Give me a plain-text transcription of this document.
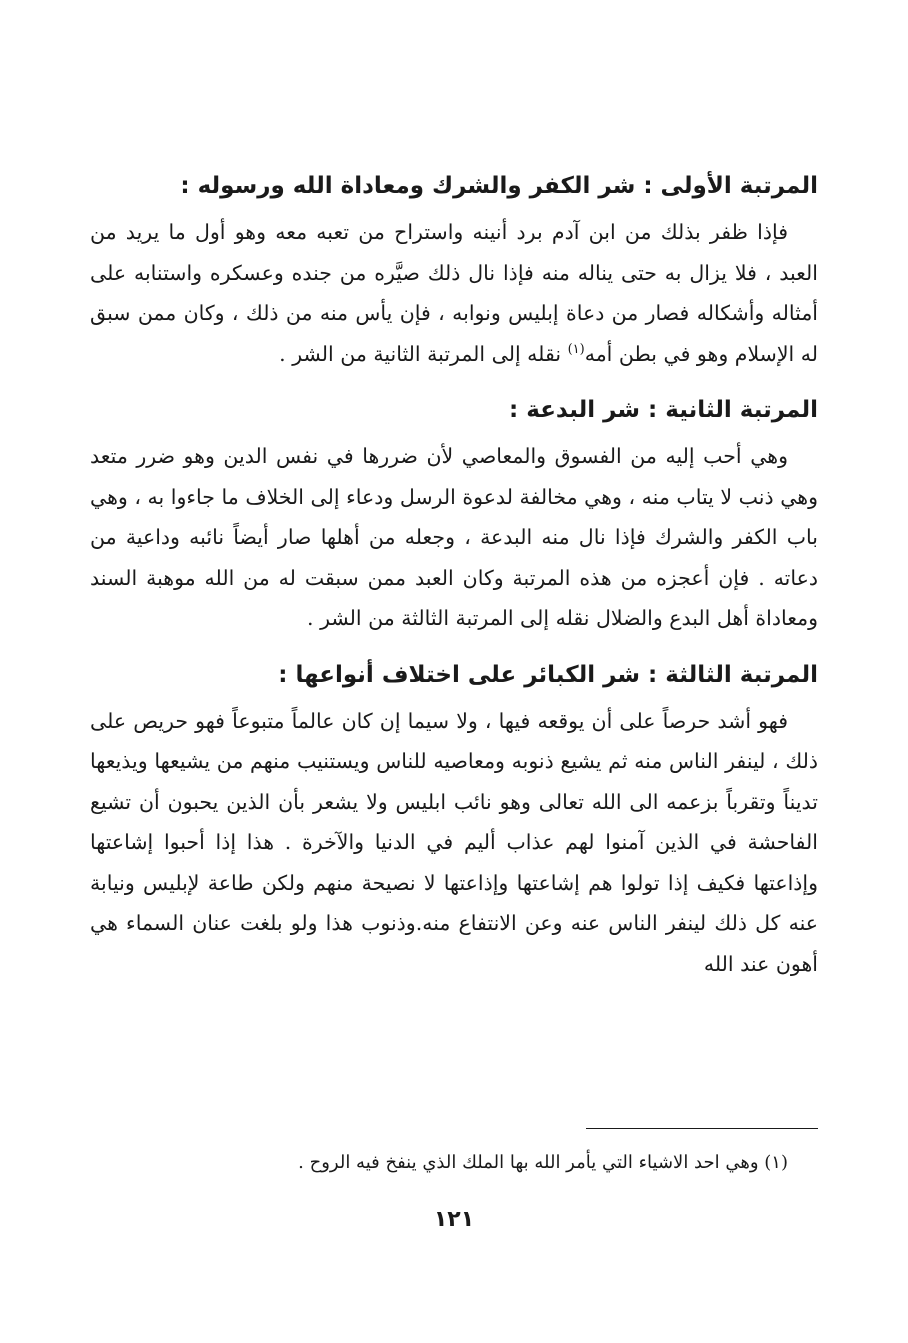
المرتبة الأولى : شر الكفر والشرك ومعاداة الله ورسوله :

فإذا ظفر بذلك من ابن آدم برد أنينه واستراح من تعبه معه وهو أول ما يريد من العبد ، فلا يزال به حتى يناله منه فإذا نال ذلك صيَّره من جنده وعسكره واستنابه على أمثاله وأشكاله فصار من دعاة إبليس ونوابه ، فإن يأس منه من ذلك ، وكان ممن سبق له الإسلام وهو في بطن أمه$^{(١)}$ نقله إلى المرتبة الثانية من الشر .

المرتبة الثانية : شر البدعة :

وهي أحب إليه من الفسوق والمعاصي لأن ضررها في نفس الدين وهو ضرر متعد وهي ذنب لا يتاب منه ، وهي مخالفة لدعوة الرسل ودعاء إلى الخلاف ما جاءوا به ، وهي باب الكفر والشرك فإذا نال منه البدعة ، وجعله من أهلها صار أيضاً نائبه وداعية من دعاته . فإن أعجزه من هذه المرتبة وكان العبد ممن سبقت له من الله موهبة السند ومعاداة أهل البدع والضلال نقله إلى المرتبة الثالثة من الشر .

المرتبة الثالثة : شر الكبائر على اختلاف أنواعها :

فهو أشد حرصاً على أن يوقعه فيها ، ولا سيما إن كان عالماً متبوعاً فهو حريص على ذلك ، لينفر الناس منه ثم يشيع ذنوبه ومعاصيه للناس ويستنيب منهم من يشيعها ويذيعها تديناً وتقرباً بزعمه الى الله تعالى وهو نائب ابليس ولا يشعر بأن الذين يحبون أن تشيع الفاحشة في الذين آمنوا لهم عذاب أليم في الدنيا والآخرة . هذا إذا أحبوا إشاعتها وإذاعتها فكيف إذا تولوا هم إشاعتها وإذاعتها لا نصيحة منهم ولكن طاعة لإبليس ونيابة عنه كل ذلك لينفر الناس عنه وعن الانتفاع منه.وذنوب هذا ولو بلغت عنان السماء هي أهون عند الله

(١) وهي احد الاشياء التي يأمر الله بها الملك الذي ينفخ فيه الروح .
١٢١
